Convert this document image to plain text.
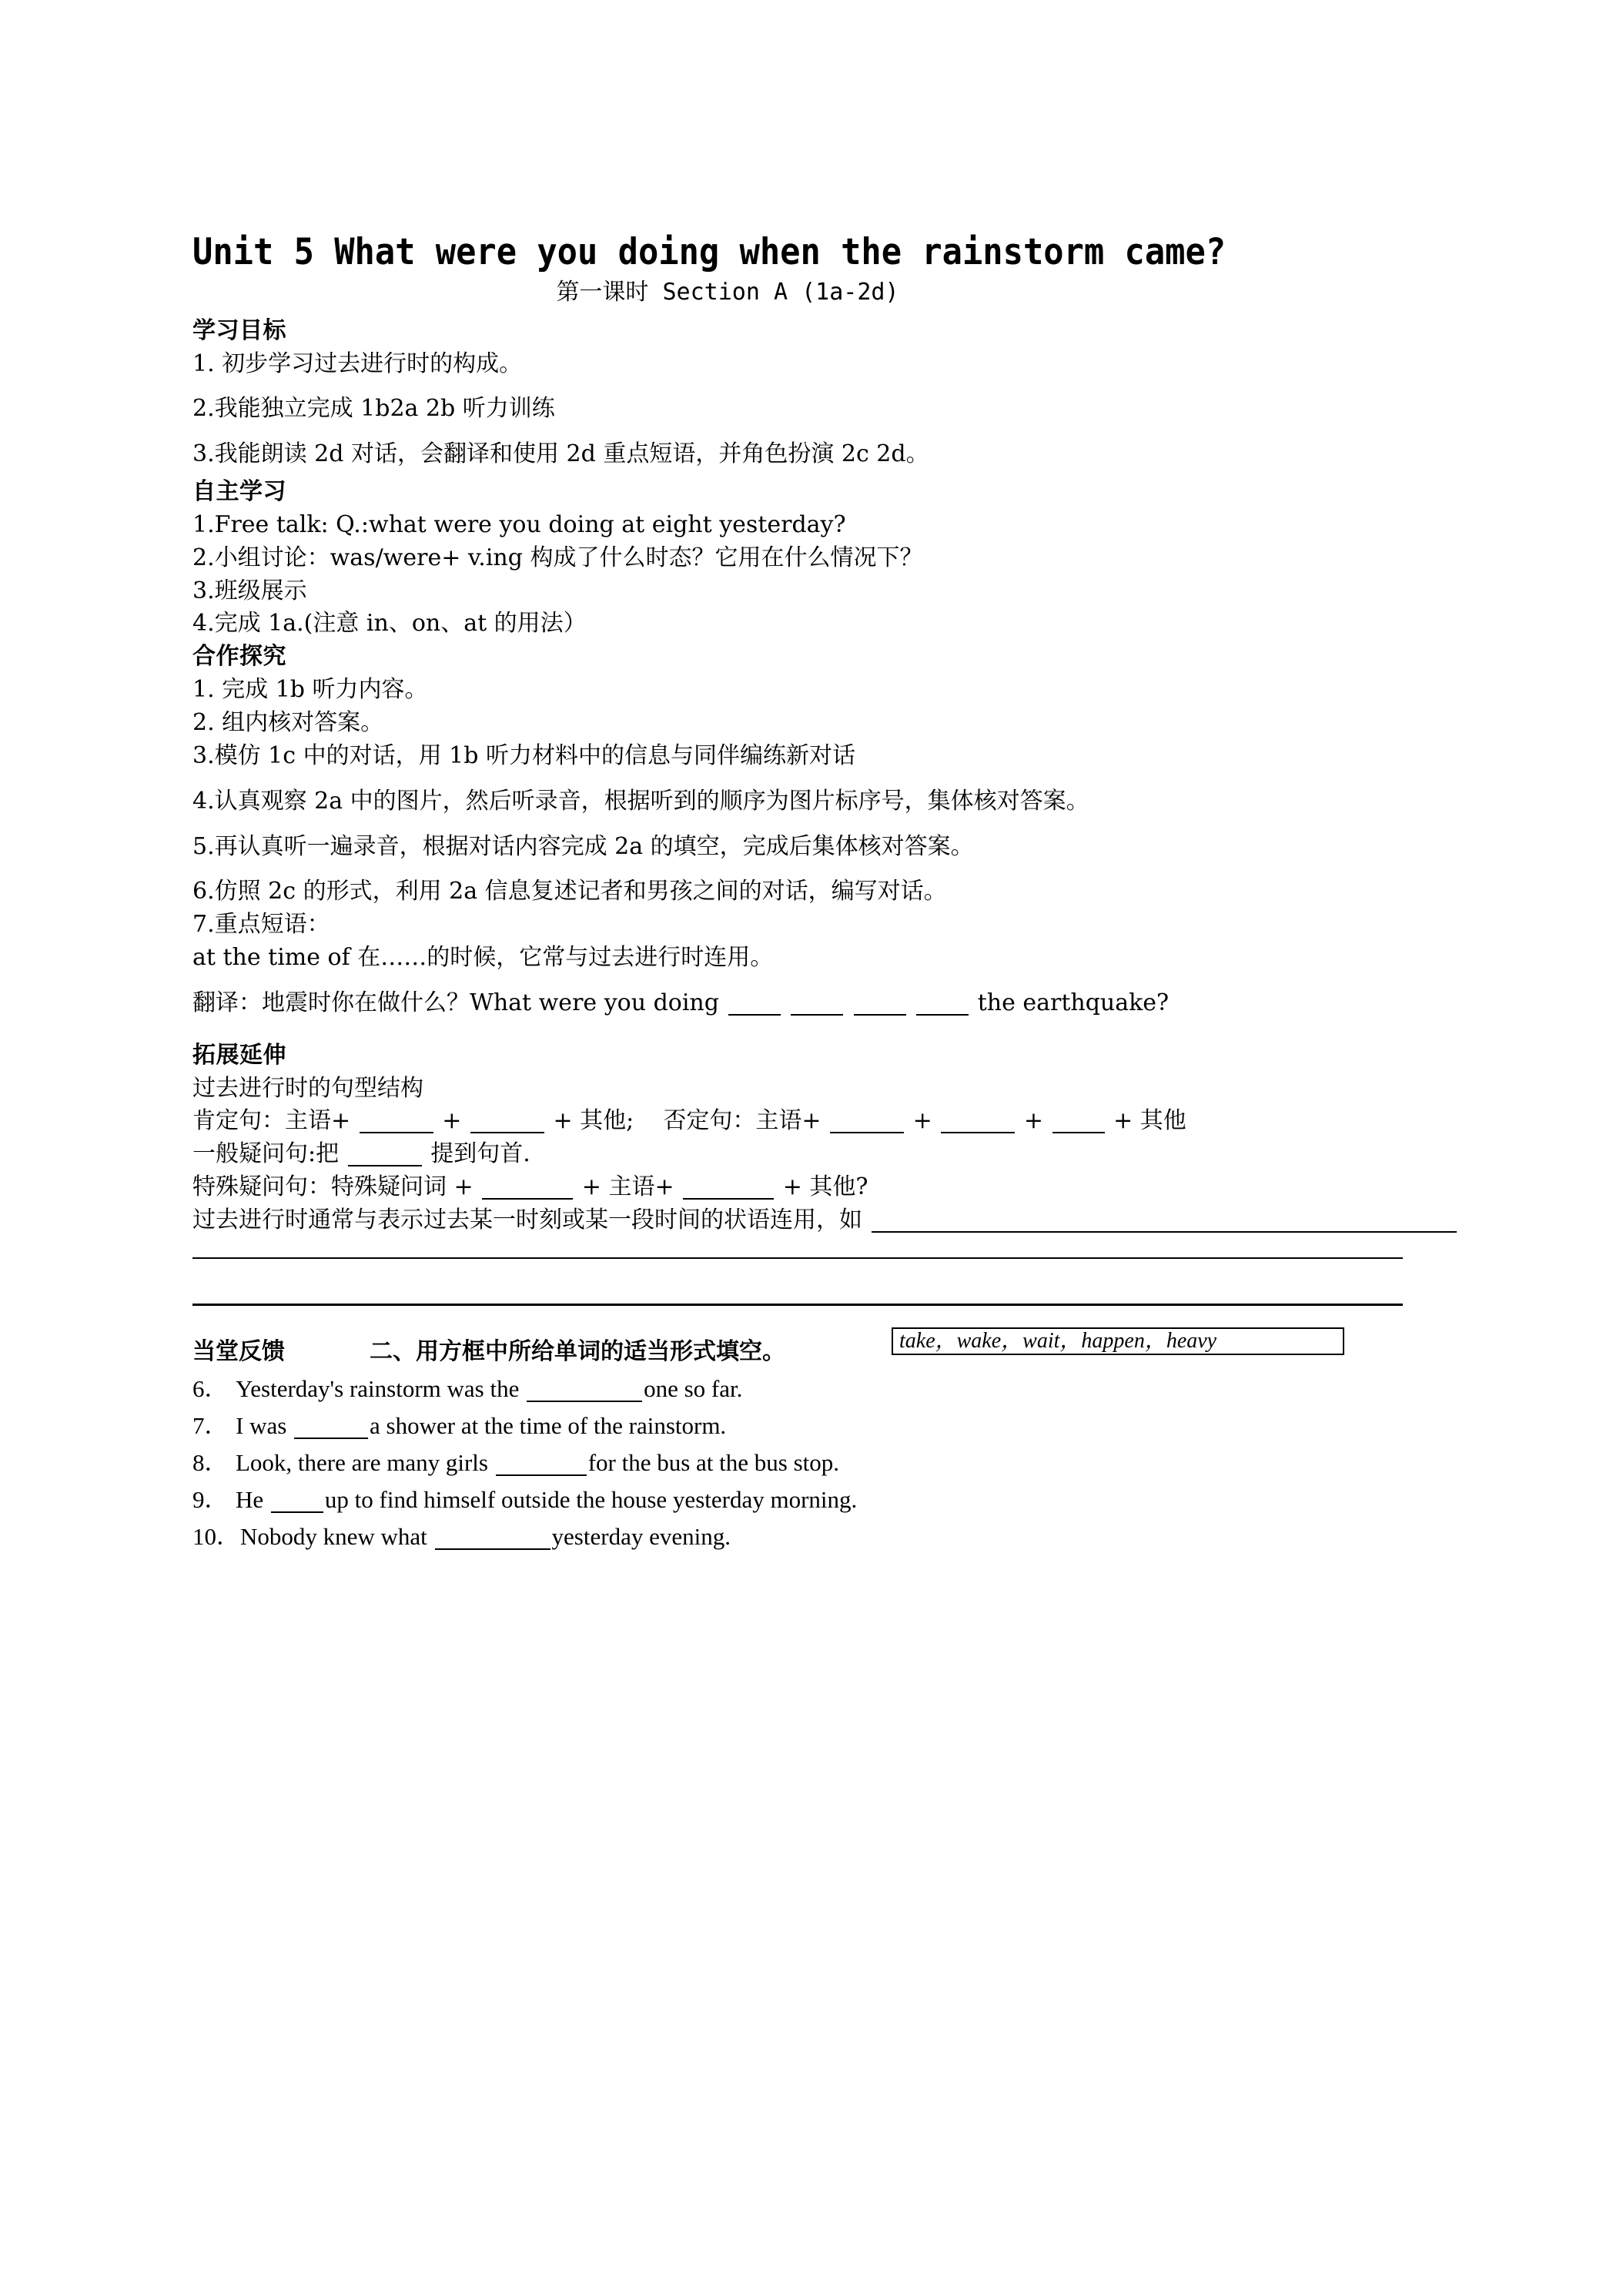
Unit 5 What were you doing when the rainstorm came?
第一课时 Section A (1a-2d)
学习目标
1. 初步学习过去进行时的构成。
2.我能独立完成 1b2a 2b 听力训练
3.我能朗读 2d 对话，会翻译和使用 2d 重点短语，并角色扮演 2c 2d。
自主学习
1.Free talk: Q.:what were you doing at eight yesterday?
2.小组讨论：was/were+ v.ing 构成了什么时态？它用在什么情况下？
3.班级展示
4.完成 1a.(注意 in、on、at 的用法）
合作探究
1. 完成 1b 听力内容。
2. 组内核对答案。
3.模仿 1c 中的对话，用 1b 听力材料中的信息与同伴编练新对话
4.认真观察 2a 中的图片，然后听录音，根据听到的顺序为图片标序号，集体核对答案。
5.再认真听一遍录音，根据对话内容完成 2a 的填空，完成后集体核对答案。
6.仿照 2c 的形式，利用 2a 信息复述记者和男孩之间的对话，编写对话。
7.重点短语：
at the time of 在……的时候，它常与过去进行时连用。
翻译：地震时你在做什么？What were you doing	the earthquake?
拓展延伸
过去进行时的句型结构
肯定句：主语+	+	+ 其他; 否定句：主语+	+	+	+ 其他
一般疑问句:把	提到句首.
特殊疑问句：特殊疑问词 +	+ 主语+	+ 其他?
过去进行时通常与表示过去某一时刻或某一段时间的状语连用，如
当堂反馈	二、用方框中所给单词的适当形式填空。	take，wake，wait，happen，heavy
6． Yesterday's rainstorm was the	one so far.
7． I was	a shower at the time of the rainstorm.
8． Look, there are many girls	for the bus at the bus stop.
9． He	up to find himself outside the house yesterday morning.
10．Nobody knew what	yesterday evening.
